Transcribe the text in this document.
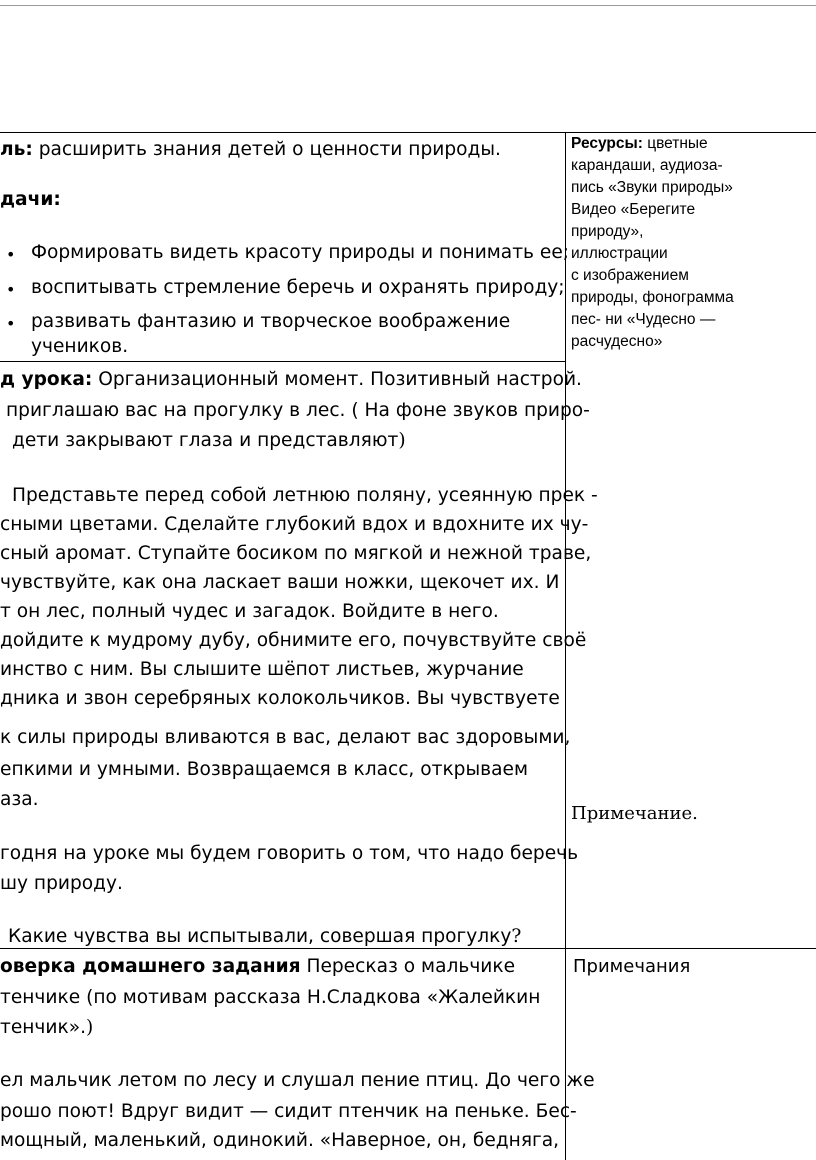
ль: расширить знания детей о ценности природы.
дачи:
• Формировать видеть красоту природы и понимать ее;
• воспитывать стремление беречь и охранять природу;
• развивать фантазию и творческое воображение
учеников.
Ресурсы: цветные
карандаши, аудиоза-
пись «Звуки природы»
Видео «Берегите
природу»,
иллюстрации
с изображением
природы, фонограмма
пес- ни «Чудесно —
расчудесно»
д урока: Организационный момент. Позитивный настрой.
приглашаю вас на прогулку в лес. ( На фоне звуков приро-
дети закрывают глаза и представляют)
Представьте перед собой летнюю поляну, усеянную прек -
сными цветами. Сделайте глубокий вдох и вдохните их чу-
сный аромат. Ступайте босиком по мягкой и нежной траве,
чувствуйте, как она ласкает ваши ножки, щекочет их. И
т он лес, полный чудес и загадок. Войдите в него.
дойдите к мудрому дубу, обнимите его, почувствуйте своё
инство с ним. Вы слышите шёпот листьев, журчание
дника и звон серебряных колокольчиков. Вы чувствуете
к силы природы вливаются в вас, делают вас здоровыми,
епкими и умными. Возвращаемся в класс, открываем
аза.
годня на уроке мы будем говорить о том, что надо беречь
шу природу.
Какие чувства вы испытывали, совершая прогулку?
Примечание.
оверка домашнего задания Пересказ о мальчике
тенчике (по мотивам рассказа Н.Сладкова «Жалейкин
тенчик».)
ел мальчик летом по лесу и слушал пение птиц. До чего же
рошо поют! Вдруг видит — сидит птенчик на пеньке. Бес-
мощный, маленький, одинокий. «Наверное, он, бедняга,
Примечания
